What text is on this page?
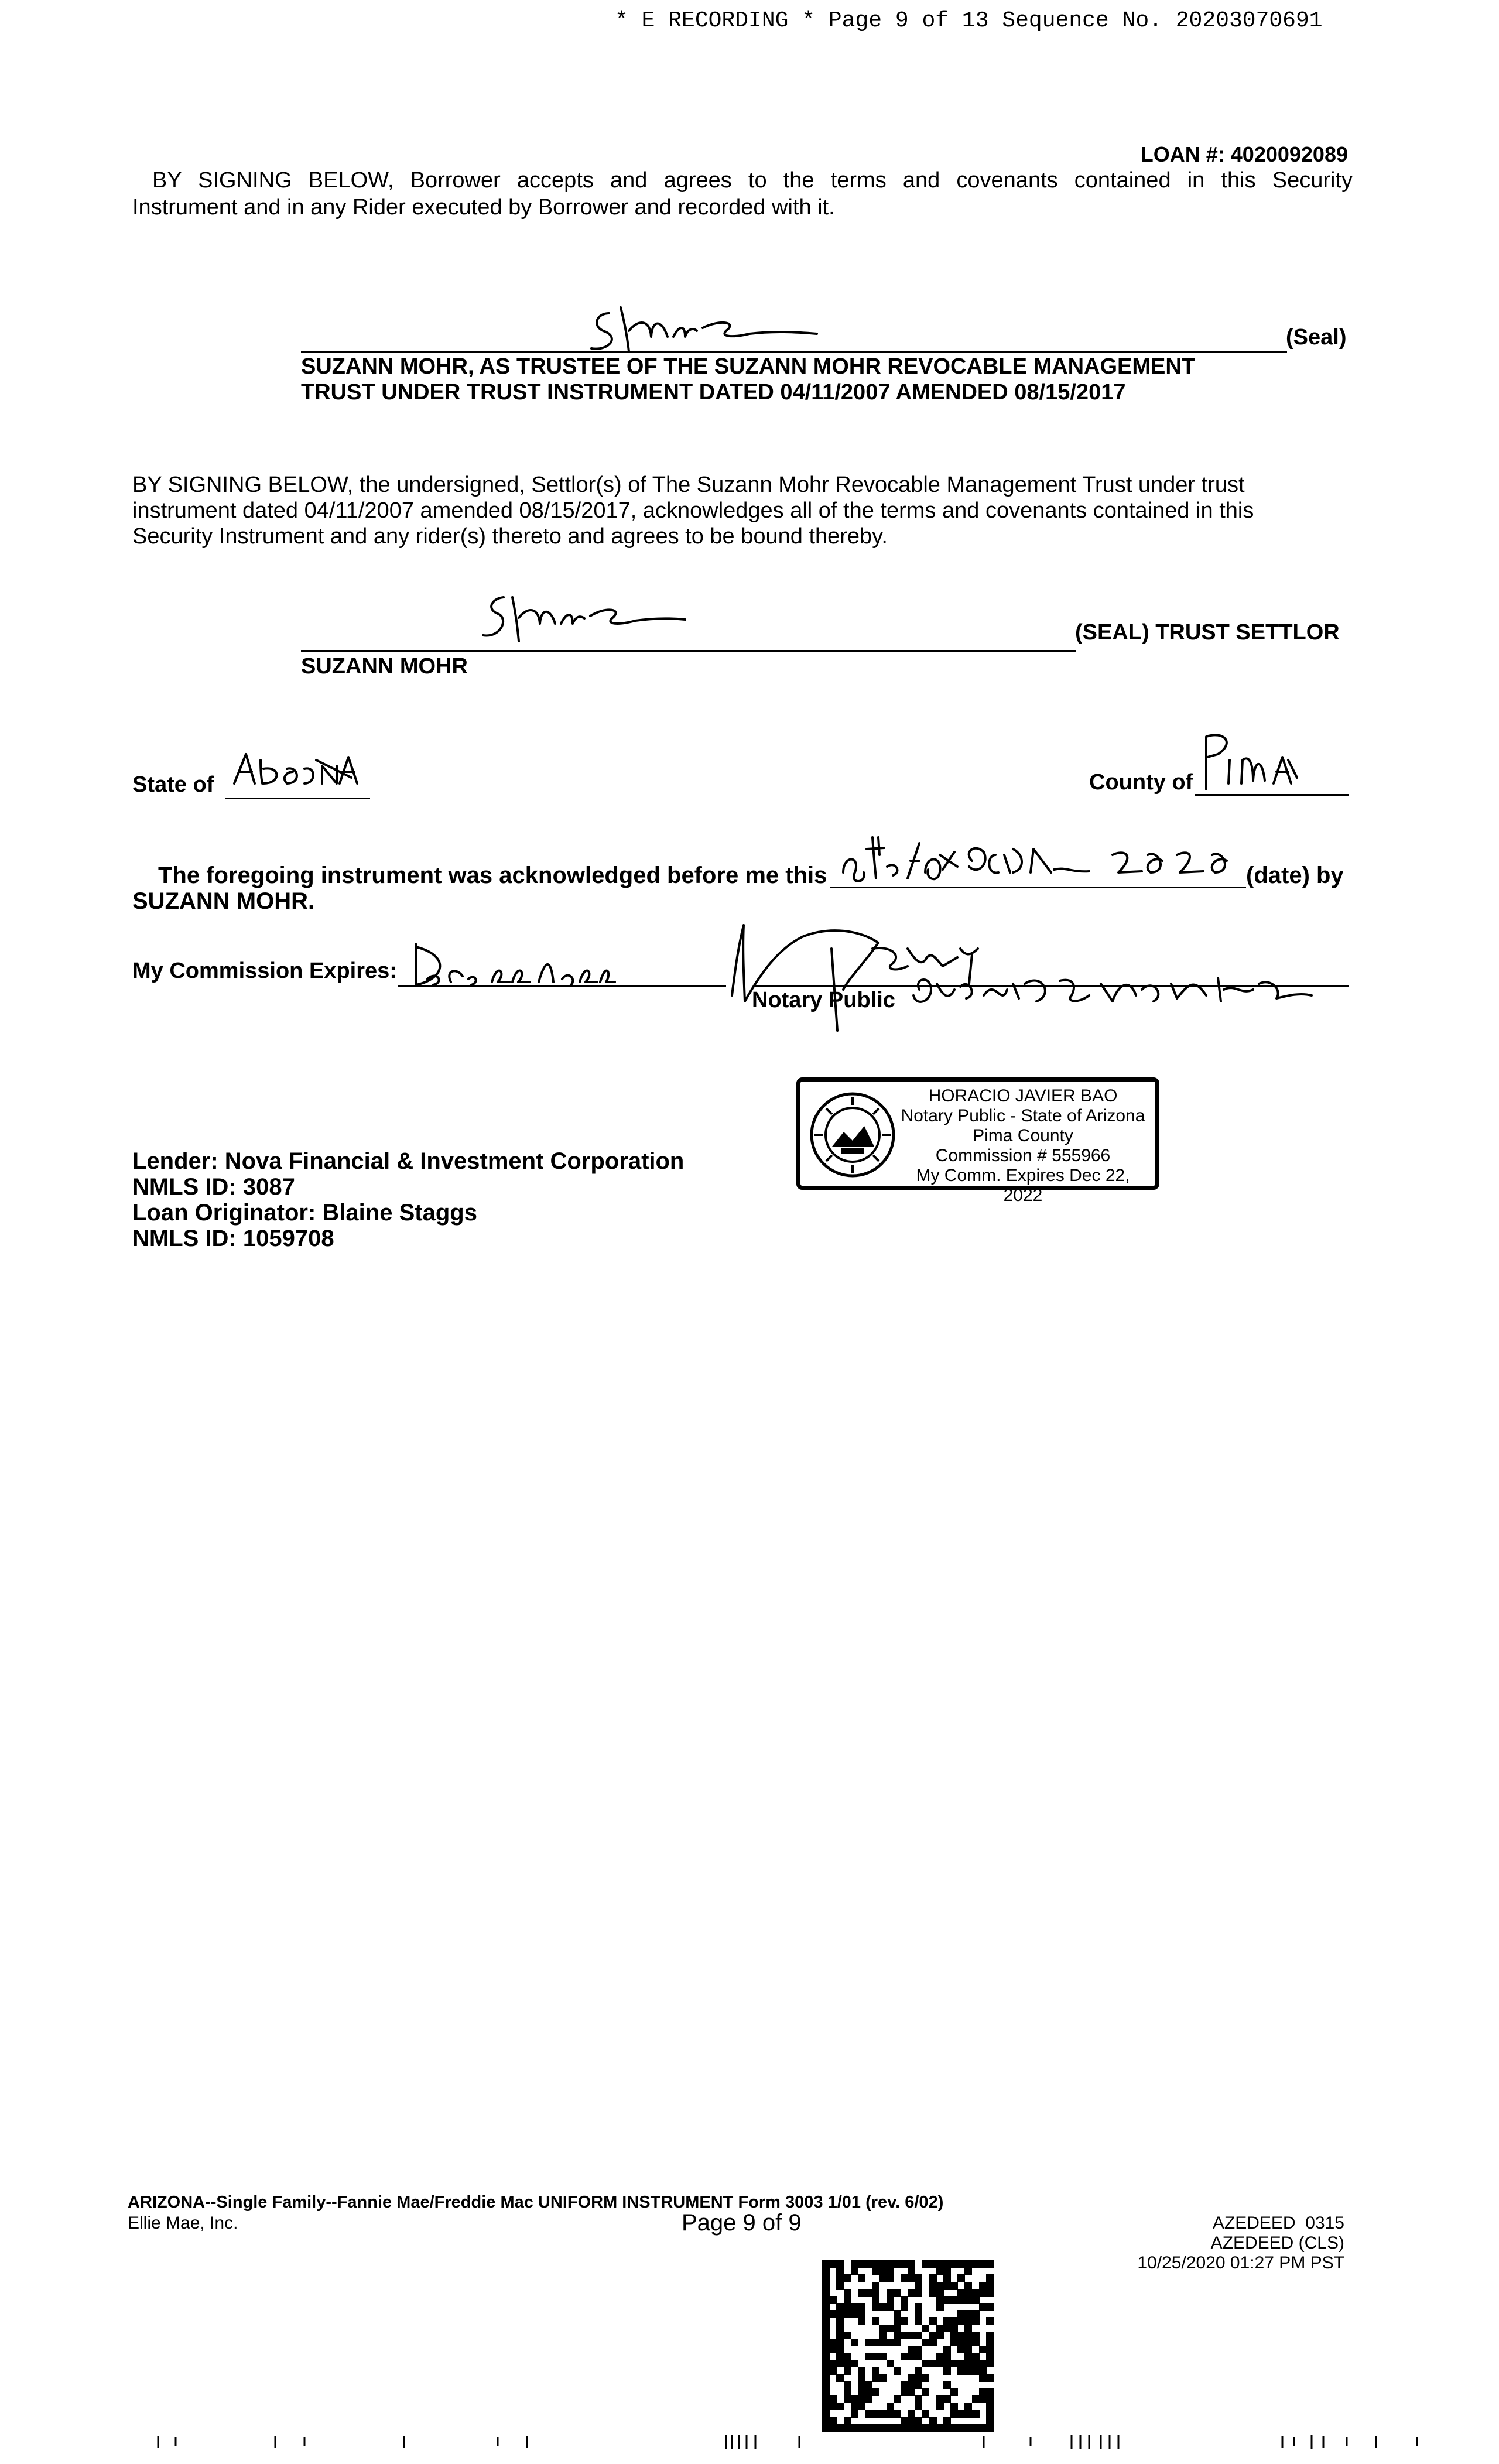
* E RECORDING * Page 9 of 13 Sequence No. 20203070691
LOAN #: 4020092089
BY SIGNING BELOW, Borrower accepts and agrees to the terms and covenants contained in this Security
Instrument and in any Rider executed by Borrower and recorded with it.
(Seal)
SUZANN MOHR, AS TRUSTEE OF THE SUZANN MOHR REVOCABLE MANAGEMENT
TRUST UNDER TRUST INSTRUMENT DATED 04/11/2007 AMENDED 08/15/2017
BY SIGNING BELOW, the undersigned, Settlor(s) of The Suzann Mohr Revocable Management Trust under trust
instrument dated 04/11/2007 amended 08/15/2017, acknowledges all of the terms and covenants contained in this
Security Instrument and any rider(s) thereto and agrees to be bound thereby.
(SEAL) TRUST SETTLOR
SUZANN MOHR
State of	County of
The foregoing instrument was acknowledged before me this	(date) by
SUZANN MOHR.
My Commission Expires:
Notary Public
HORACIO JAVIER BAO
Notary Public - State of Arizona
Pima County
Commission # 555966
My Comm. Expires Dec 22, 2022
Lender: Nova Financial & Investment Corporation
NMLS ID: 3087
Loan Originator: Blaine Staggs
NMLS ID: 1059708
ARIZONA--Single Family--Fannie Mae/Freddie Mac UNIFORM INSTRUMENT Form 3003 1/01 (rev. 6/02)
Ellie Mae, Inc.	Page 9 of 9	AZEDEED  0315
AZEDEED (CLS)
10/25/2020 01:27 PM PST
